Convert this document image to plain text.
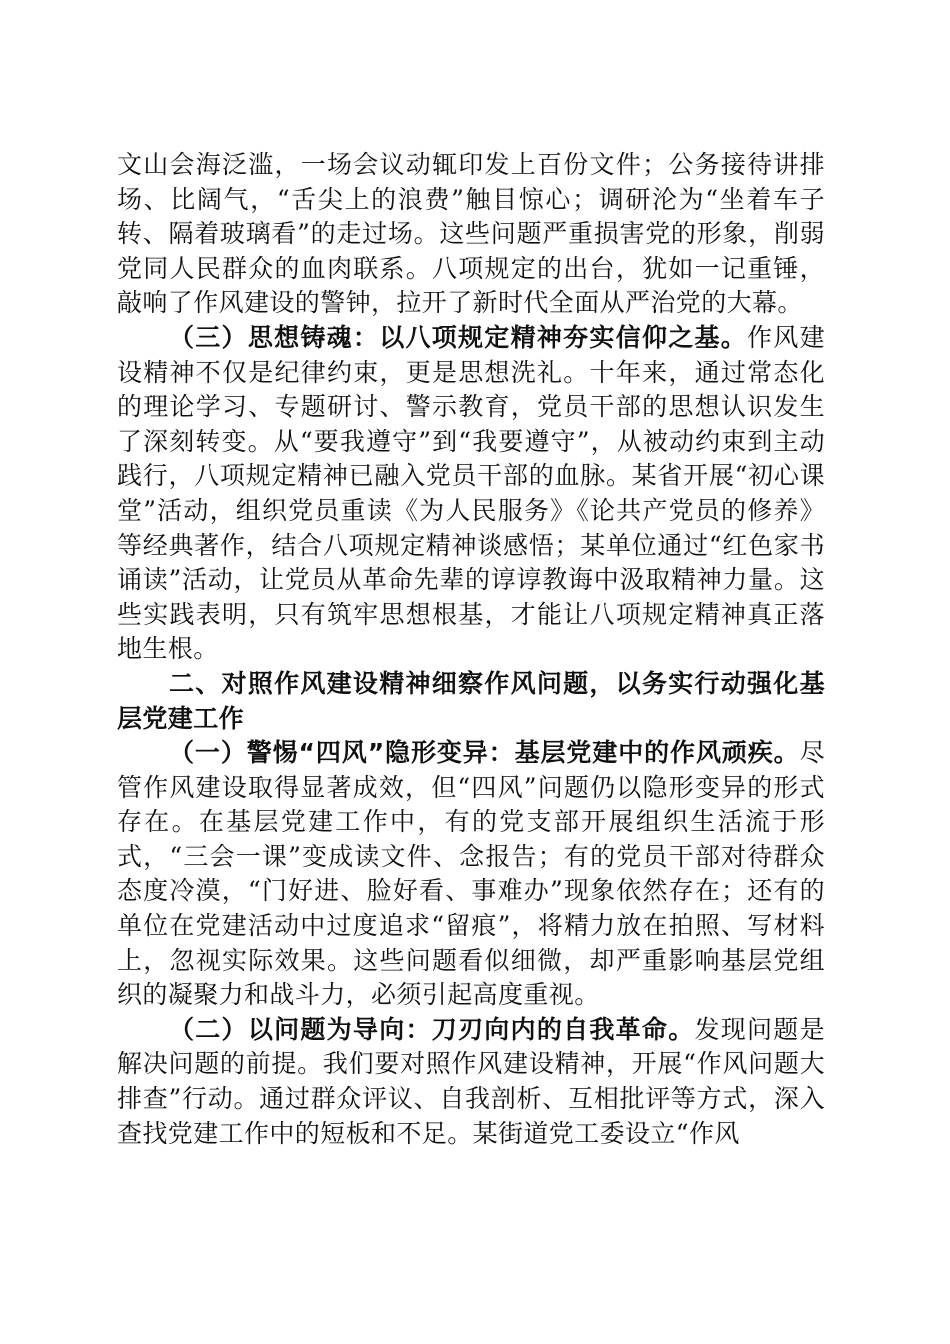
文山会海泛滥，一场会议动辄印发上百份文件；公务接待讲排场、比阔气，“舌尖上的浪费”触目惊心；调研沦为“坐着车子转、隔着玻璃看”的走过场。这些问题严重损害党的形象，削弱党同人民群众的血肉联系。八项规定的出台，犹如一记重锤，敲响了作风建设的警钟，拉开了新时代全面从严治党的大幕。

（三）思想铸魂：以八项规定精神夯实信仰之基。作风建设精神不仅是纪律约束，更是思想洗礼。十年来，通过常态化的理论学习、专题研讨、警示教育，党员干部的思想认识发生了深刻转变。从“要我遵守”到“我要遵守”，从被动约束到主动践行，八项规定精神已融入党员干部的血脉。某省开展“初心课堂”活动，组织党员重读《为人民服务》《论共产党员的修养》等经典著作，结合八项规定精神谈感悟；某单位通过“红色家书诵读”活动，让党员从革命先辈的谆谆教诲中汲取精神力量。这些实践表明，只有筑牢思想根基，才能让八项规定精神真正落地生根。

二、对照作风建设精神细察作风问题，以务实行动强化基层党建工作

（一）警惕“四风”隐形变异：基层党建中的作风顽疾。尽管作风建设取得显著成效，但“四风”问题仍以隐形变异的形式存在。在基层党建工作中，有的党支部开展组织生活流于形式，“三会一课”变成读文件、念报告；有的党员干部对待群众态度冷漠，“门好进、脸好看、事难办”现象依然存在；还有的单位在党建活动中过度追求“留痕”，将精力放在拍照、写材料上，忽视实际效果。这些问题看似细微，却严重影响基层党组织的凝聚力和战斗力，必须引起高度重视。

（二）以问题为导向：刀刃向内的自我革命。发现问题是解决问题的前提。我们要对照作风建设精神，开展“作风问题大排查”行动。通过群众评议、自我剖析、互相批评等方式，深入查找党建工作中的短板和不足。某街道党工委设立“作风
